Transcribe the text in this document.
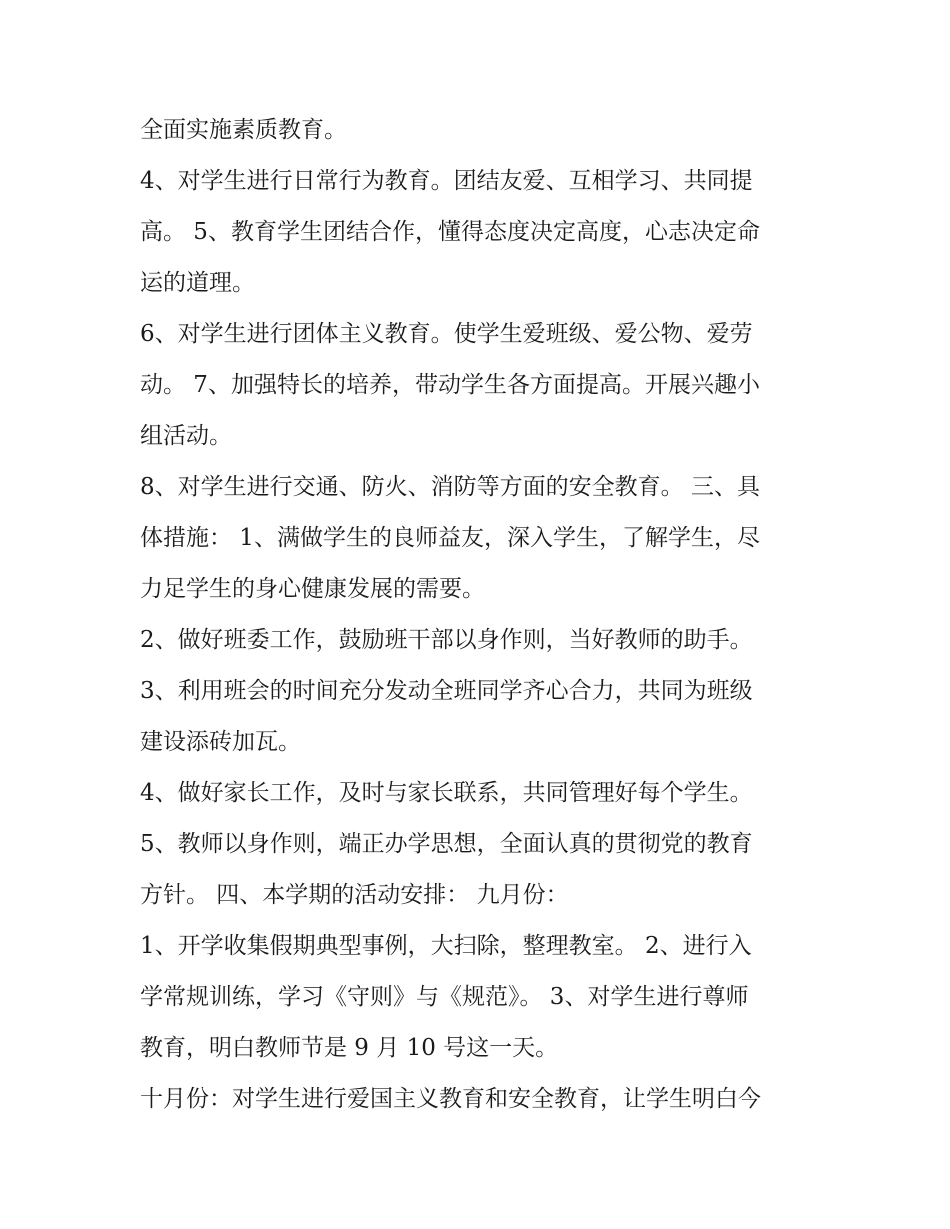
全面实施素质教育。
4、对学生进行日常行为教育。团结友爱、互相学习、共同提
高。 5、教育学生团结合作，懂得态度决定高度，心志决定命
运的道理。
6、对学生进行团体主义教育。使学生爱班级、爱公物、爱劳
动。 7、加强特长的培养，带动学生各方面提高。开展兴趣小
组活动。
8、对学生进行交通、防火、消防等方面的安全教育。 三、具
体措施： 1、满做学生的良师益友，深入学生，了解学生，尽
力足学生的身心健康发展的需要。
2、做好班委工作，鼓励班干部以身作则，当好教师的助手。
3、利用班会的时间充分发动全班同学齐心合力，共同为班级
建设添砖加瓦。
4、做好家长工作，及时与家长联系，共同管理好每个学生。
5、教师以身作则，端正办学思想，全面认真的贯彻党的教育
方针。 四、本学期的活动安排： 九月份：
1、开学收集假期典型事例，大扫除，整理教室。 2、进行入
学常规训练，学习《守则》与《规范》。 3、对学生进行尊师
教育，明白教师节是 9 月 10 号这一天。
十月份：对学生进行爱国主义教育和安全教育，让学生明白今
